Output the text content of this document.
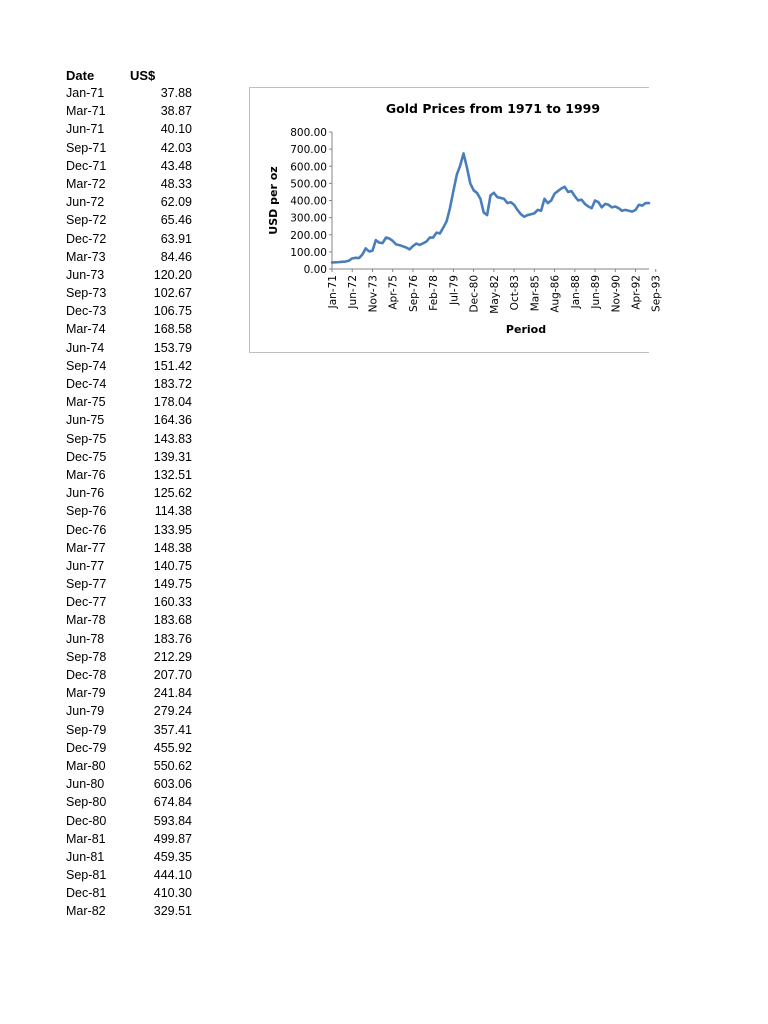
Date	US$
Jan-71	37.88
Mar-71	38.87
Jun-71	40.10
Sep-71	42.03
Dec-71	43.48
Mar-72	48.33
Jun-72	62.09
Sep-72	65.46
Dec-72	63.91
Mar-73	84.46
Jun-73	120.20
Sep-73	102.67
Dec-73	106.75
Mar-74	168.58
Jun-74	153.79
Sep-74	151.42
Dec-74	183.72
Mar-75	178.04
Jun-75	164.36
Sep-75	143.83
Dec-75	139.31
Mar-76	132.51
Jun-76	125.62
Sep-76	114.38
Dec-76	133.95
Mar-77	148.38
Jun-77	140.75
Sep-77	149.75
Dec-77	160.33
Mar-78	183.68
Jun-78	183.76
Sep-78	212.29
Dec-78	207.70
Mar-79	241.84
Jun-79	279.24
Sep-79	357.41
Dec-79	455.92
Mar-80	550.62
Jun-80	603.06
Sep-80	674.84
Dec-80	593.84
Mar-81	499.87
Jun-81	459.35
Sep-81	444.10
Dec-81	410.30
Mar-82	329.51
Gold Prices from 1971 to 1999
USD per oz
0.00
100.00
200.00
300.00
400.00
500.00
600.00
700.00
800.00
Jan-71 Jun-72 Nov-73 Apr-75 Sep-76 Feb-78 Jul-79 Dec-80 May-82 Oct-83 Mar-85 Aug-86 Jan-88 Jun-89 Nov-90 Apr-92 Sep-93
Period
